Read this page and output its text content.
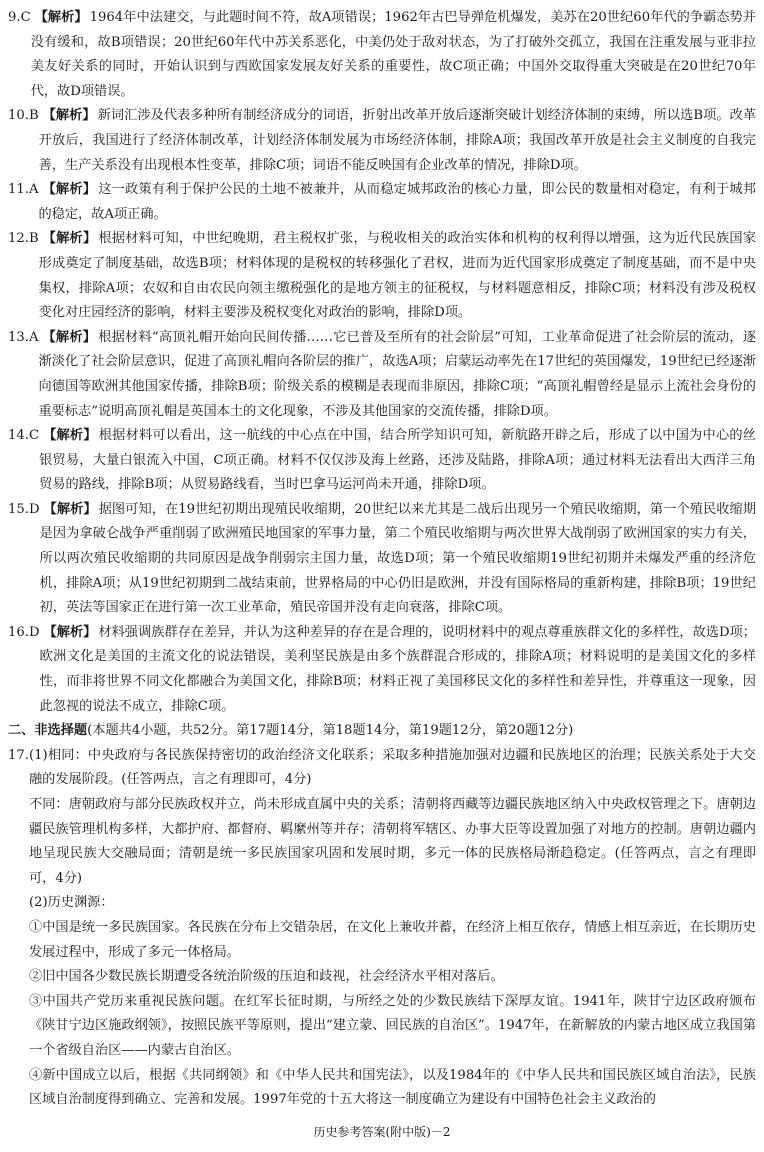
9.C 【解析】 1964年中法建交，与此题时间不符，故A项错误；1962年古巴导弹危机爆发，美苏在20世纪60年代的争霸态势并没有缓和，故B项错误；20世纪60年代中苏关系恶化，中美仍处于敌对状态，为了打破外交孤立，我国在注重发展与亚非拉美友好关系的同时，开始认识到与西欧国家发展友好关系的重要性，故C项正确；中国外交取得重大突破是在20世纪70年代，故D项错误。
10.B 【解析】 新词汇涉及代表多种所有制经济成分的词语，折射出改革开放后逐渐突破计划经济体制的束缚，所以选B项。改革开放后，我国进行了经济体制改革，计划经济体制发展为市场经济体制，排除A项；我国改革开放是社会主义制度的自我完善，生产关系没有出现根本性变革，排除C项；词语不能反映国有企业改革的情况，排除D项。
11.A 【解析】 这一政策有利于保护公民的土地不被兼并，从而稳定城邦政治的核心力量，即公民的数量相对稳定，有利于城邦的稳定，故A项正确。
12.B 【解析】 根据材料可知，中世纪晚期，君主税权扩张，与税收相关的政治实体和机构的权利得以增强，这为近代民族国家形成奠定了制度基础，故选B项；材料体现的是税权的转移强化了君权，进而为近代国家形成奠定了制度基础，而不是中央集权，排除A项；农奴和自由农民向领主缴税强化的是地方领主的征税权，与材料题意相反，排除C项；材料没有涉及税权变化对庄园经济的影响，材料主要涉及税权变化对政治的影响，排除D项。
13.A 【解析】 根据材料“高顶礼帽开始向民间传播……它已普及至所有的社会阶层”可知，工业革命促进了社会阶层的流动，逐渐淡化了社会阶层意识，促进了高顶礼帽向各阶层的推广，故选A项；启蒙运动率先在17世纪的英国爆发，19世纪已经逐渐向德国等欧洲其他国家传播，排除B项；阶级关系的模糊是表现而非原因，排除C项；“高顶礼帽曾经是显示上流社会身份的重要标志”说明高顶礼帽是英国本土的文化现象，不涉及其他国家的交流传播，排除D项。
14.C 【解析】 根据材料可以看出，这一航线的中心点在中国，结合所学知识可知，新航路开辟之后，形成了以中国为中心的丝银贸易，大量白银流入中国，C项正确。材料不仅仅涉及海上丝路，还涉及陆路，排除A项；通过材料无法看出大西洋三角贸易的路线，排除B项；从贸易路线看，当时巴拿马运河尚未开通，排除D项。
15.D 【解析】 据图可知，在19世纪初期出现殖民收缩期，20世纪以来尤其是二战后出现另一个殖民收缩期，第一个殖民收缩期是因为拿破仑战争严重削弱了欧洲殖民地国家的军事力量，第二个殖民收缩期与两次世界大战削弱了欧洲国家的实力有关，所以两次殖民收缩期的共同原因是战争削弱宗主国力量，故选D项；第一个殖民收缩期19世纪初期并未爆发严重的经济危机，排除A项；从19世纪初期到二战结束前，世界格局的中心仍旧是欧洲，并没有国际格局的重新构建，排除B项；19世纪初，英法等国家正在进行第一次工业革命，殖民帝国并没有走向衰落，排除C项。
16.D 【解析】 材料强调族群存在差异，并认为这种差异的存在是合理的，说明材料中的观点尊重族群文化的多样性，故选D项；欧洲文化是美国的主流文化的说法错误，美利坚民族是由多个族群混合形成的，排除A项；材料说明的是美国文化的多样性，而非将世界不同文化都融合为美国文化，排除B项；材料正视了美国移民文化的多样性和差异性，并尊重这一现象，因此忽视的说法不成立，排除C项。
二、非选择题(本题共4小题，共52分。第17题14分，第18题14分，第19题12分，第20题12分)
17. (1)相同：中央政府与各民族保持密切的政治经济文化联系；采取多种措施加强对边疆和民族地区的治理；民族关系处于大交融的发展阶段。(任答两点，言之有理即可，4分)
不同：唐朝政府与部分民族政权并立，尚未形成直属中央的关系；清朝将西藏等边疆民族地区纳入中央政权管理之下。唐朝边疆民族管理机构多样，大都护府、都督府、羁縻州等并存；清朝将军辖区、办事大臣等设置加强了对地方的控制。唐朝边疆内地呈现民族大交融局面；清朝是统一多民族国家巩固和发展时期，多元一体的民族格局渐趋稳定。(任答两点，言之有理即可，4分)
(2)历史渊源：
①中国是统一多民族国家。各民族在分布上交错杂居，在文化上兼收并蓄，在经济上相互依存，情感上相互亲近，在长期历史发展过程中，形成了多元一体格局。
②旧中国各少数民族长期遭受各统治阶级的压迫和歧视，社会经济水平相对落后。
③中国共产党历来重视民族问题。在红军长征时期，与所经之处的少数民族结下深厚友谊。1941年，陕甘宁边区政府颁布《陕甘宁边区施政纲领》，按照民族平等原则，提出“建立蒙、回民族的自治区”。1947年，在新解放的内蒙古地区成立我国第一个省级自治区——内蒙古自治区。
④新中国成立以后，根据《共同纲领》和《中华人民共和国宪法》，以及1984年的《中华人民共和国民族区域自治法》，民族区域自治制度得到确立、完善和发展。1997年党的十五大将这一制度确立为建设有中国特色社会主义政治的
历史参考答案(附中版)－2
